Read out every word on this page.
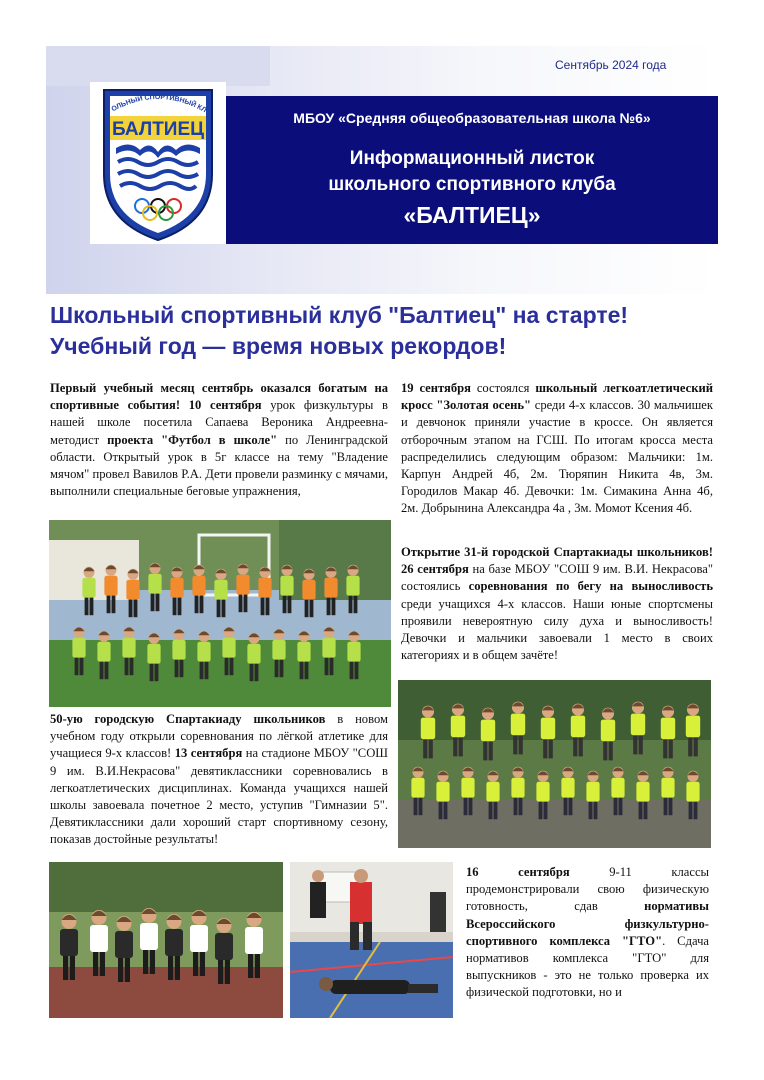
Сентябрь 2024 года
ОЛЬНЫЙ СПОРТИВНЫЙ КЛ
БАЛТИЕЦ
МБОУ «Средняя общеобразовательная школа №6»
Информационный листок
школьного спортивного клуба
«БАЛТИЕЦ»
Школьный спортивный клуб "Балтиец" на старте!
Учебный год — время новых рекордов!
Первый учебный месяц сентябрь оказался богатым на спортивные события! 10 сентября урок физкультуры в нашей школе посетила Сапаева Вероника Андреевна-методист проекта "Футбол в школе" по Ленинградской области. Открытый урок в 5г классе на тему "Владение мячом" провел Вавилов Р.А. Дети провели разминку с мячами, выполнили специальные беговые упражнения,
19 сентября состоялся школьный легкоатлетический кросс "Золотая осень" среди 4-х классов. 30 мальчишек и девчонок приняли участие в кроссе. Он является отборочным этапом на ГСШ. По итогам кросса места распределились следующим образом: Мальчики: 1м. Карпун Андрей 4б, 2м. Тюряпин Никита 4в, 3м. Городилов Макар 4б. Девочки: 1м. Симакина Анна 4б, 2м. Добрынина Александра 4а , 3м. Момот Ксения 4б.
Открытие 31-й городской Спартакиады школьников! 26 сентября на базе МБОУ "СОШ 9 им. В.И. Некрасова" состоялись соревнования по бегу на выносливость среди учащихся 4-х классов. Наши юные спортсмены проявили невероятную силу духа и выносливость! Девочки и мальчики завоевали 1 место в своих категориях и в общем зачёте!
50-ую городскую Спартакиаду школьников в новом учебном году открыли соревнования по лёгкой атлетике для учащиеся 9-х классов! 13 сентября на стадионе МБОУ "СОШ 9 им. В.И.Некрасова" девятиклассники соревновались в легкоатлетических дисциплинах. Команда учащихся нашей школы завоевала почетное 2 место, уступив "Гимназии 5". Девятиклассники дали хороший старт спортивному сезону, показав достойные результаты!
16 сентября 9-11 классы продемонстрировали свою физическую готовность, сдав нормативы Всероссийского физкультурно-спортивного комплекса "ГТО". Сдача нормативов комплекса "ГТО" для выпускников - это не только проверка их физической подготовки, но и
